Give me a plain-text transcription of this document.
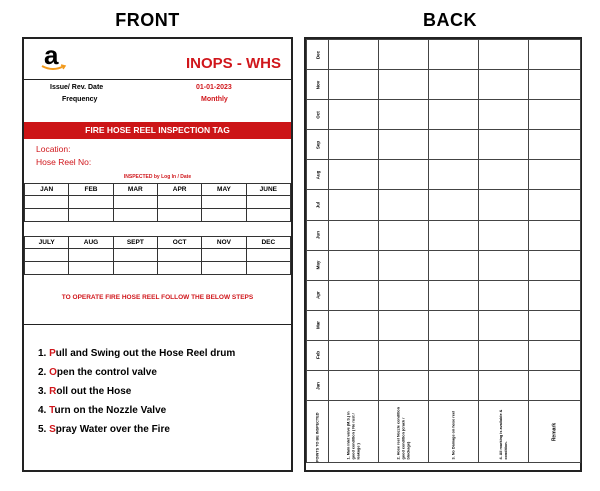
FRONT	BACK
a	INOPS - WHS
Issue/ Rev. Date	01-01-2023
Frequency	Monthly
FIRE HOSE REEL INSPECTION TAG
Location:
Hose Reel No:
INSPECTED by Log In / Date
JAN	FEB	MAR	APR	MAY	JUNE

JULY	AUG	SEPT	OCT	NOV	DEC

TO OPERATE FIRE HOSE REEL FOLLOW THE BELOW STEPS
1. Pull and Swing out the Hose Reel drum
2. Open the control valve
3. Roll out the Hose
4. Turn on the Nozzle Valve
5. Spray Water over the Fire
Dec					

Nov					

Oct					

Sep					

Aug					

Jul					

Jun					

May					

Apr					

Mar					

Feb					

Jan					

POINTS TO BE INSPECTED	1. Main inlet valve (M.S.) in good condition ( No rust / leakage )	2. Hose reel Nozzle condition good condition (crack / blockage)	3. No Damage on hose reel	4. All marking is available & condition.	Remark
